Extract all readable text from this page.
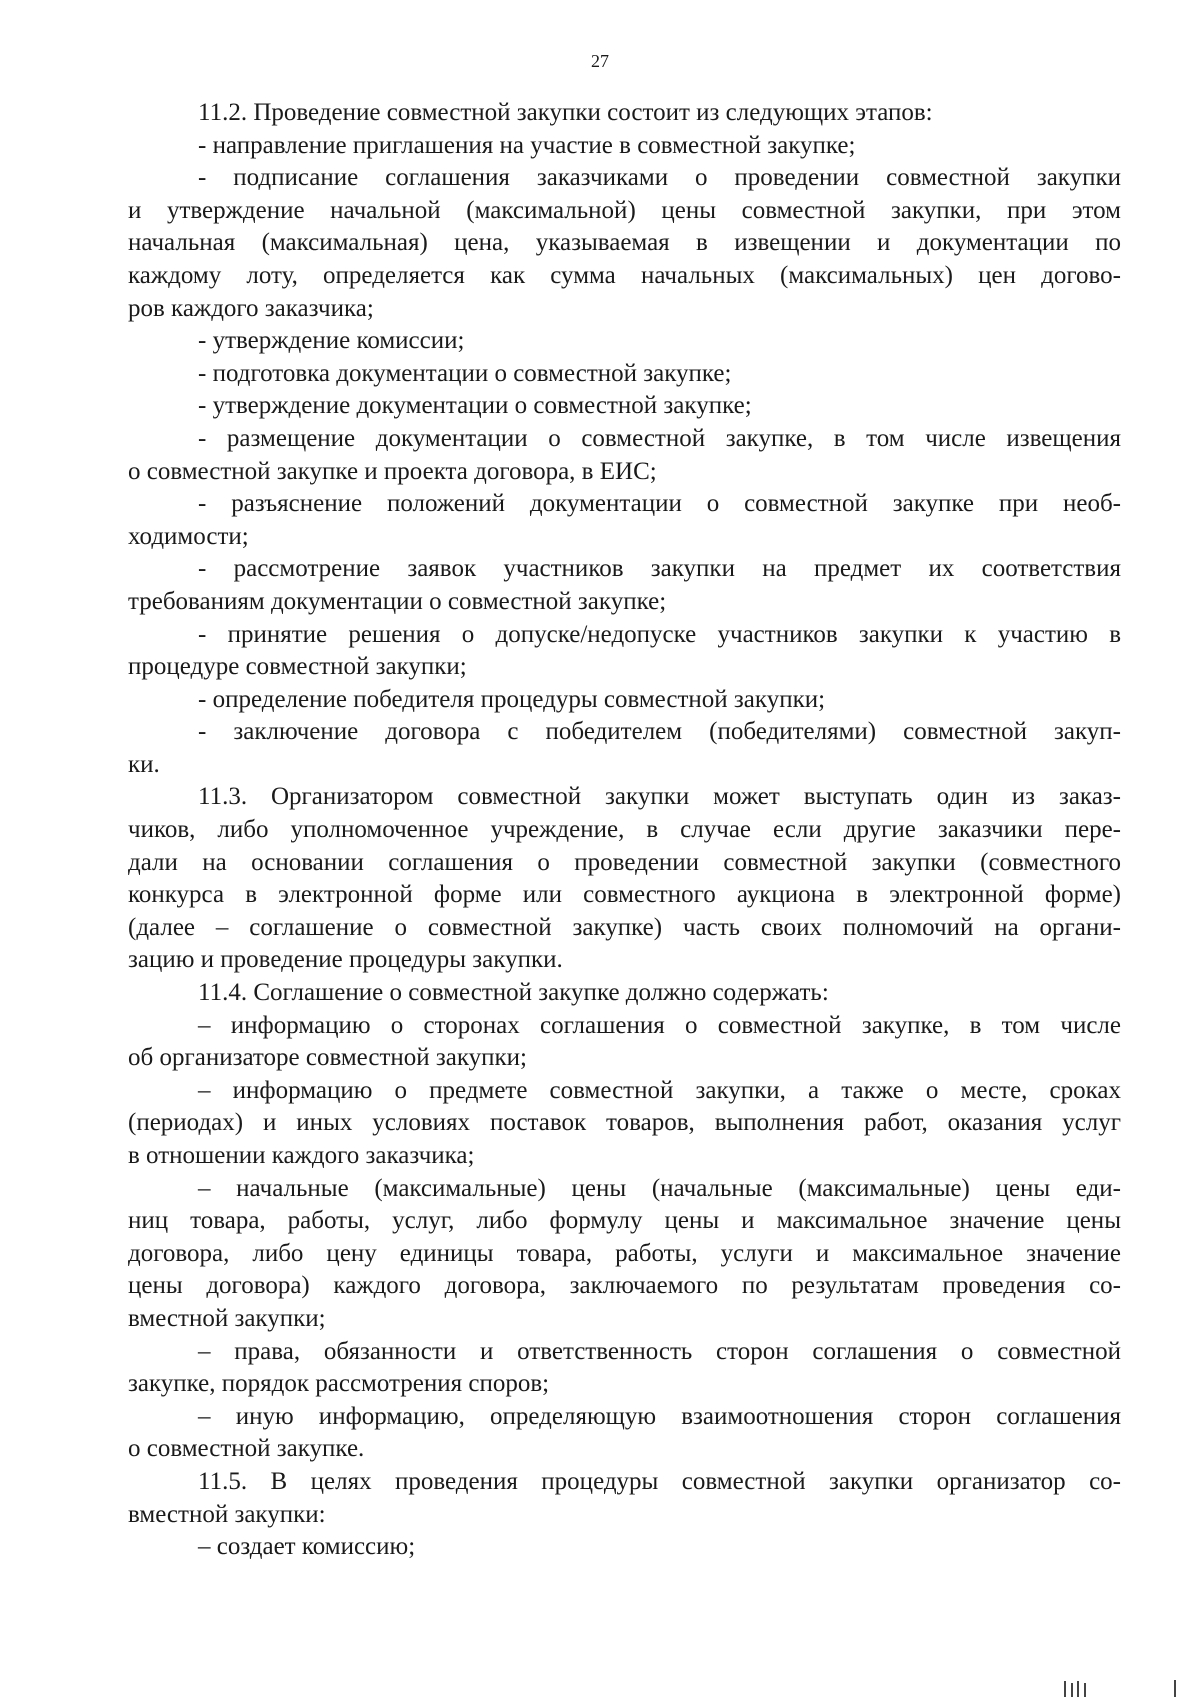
27
11.2. Проведение совместной закупки состоит из следующих этапов:
- направление приглашения на участие в совместной закупке;
- подписание соглашения заказчиками о проведении совместной закупки
и утверждение начальной (максимальной) цены совместной закупки, при этом
начальная (максимальная) цена, указываемая в извещении и документации по
каждому лоту, определяется как сумма начальных (максимальных) цен догово-
ров каждого заказчика;
- утверждение комиссии;
- подготовка документации о совместной закупке;
- утверждение документации о совместной закупке;
- размещение документации о совместной закупке, в том числе извещения
о совместной закупке и проекта договора, в ЕИС;
- разъяснение положений документации о совместной закупке при необ-
ходимости;
- рассмотрение заявок участников закупки на предмет их соответствия
требованиям документации о совместной закупке;
- принятие решения о допуске/недопуске участников закупки к участию в
процедуре совместной закупки;
- определение победителя процедуры совместной закупки;
- заключение договора с победителем (победителями) совместной закуп-
ки.
11.3. Организатором совместной закупки может выступать один из заказ-
чиков, либо уполномоченное учреждение, в случае если другие заказчики пере-
дали на основании соглашения о проведении совместной закупки (совместного
конкурса в электронной форме или совместного аукциона в электронной форме)
(далее – соглашение о совместной закупке) часть своих полномочий на органи-
зацию и проведение процедуры закупки.
11.4. Соглашение о совместной закупке должно содержать:
– информацию о сторонах соглашения о совместной закупке, в том числе
об организаторе совместной закупки;
– информацию о предмете совместной закупки, а также о месте, сроках
(периодах) и иных условиях поставок товаров, выполнения работ, оказания услуг
в отношении каждого заказчика;
– начальные (максимальные) цены (начальные (максимальные) цены еди-
ниц товара, работы, услуг, либо формулу цены и максимальное значение цены
договора, либо цену единицы товара, работы, услуги и максимальное значение
цены договора) каждого договора, заключаемого по результатам проведения со-
вместной закупки;
– права, обязанности и ответственность сторон соглашения о совместной
закупке, порядок рассмотрения споров;
– иную информацию, определяющую взаимоотношения сторон соглашения
о совместной закупке.
11.5. В целях проведения процедуры совместной закупки организатор со-
вместной закупки:
– создает комиссию;
